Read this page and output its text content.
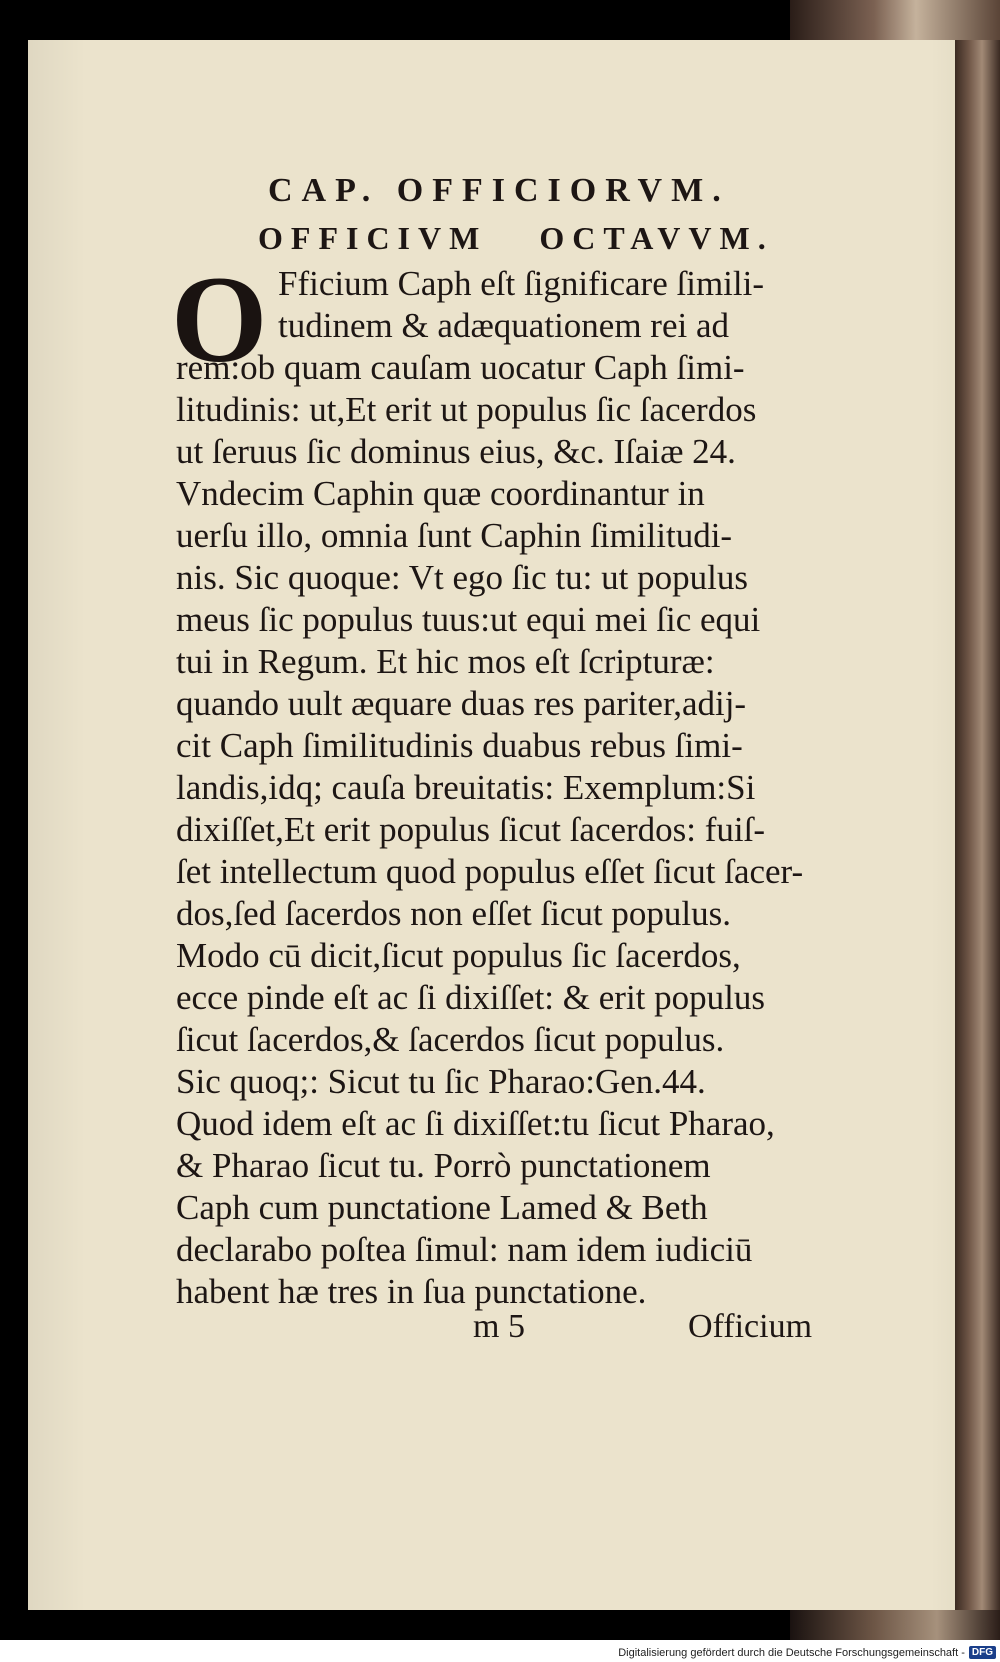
CAP. OFFICIORVM.
OFFICIVM OCTAVVM.
O Fficium Caph eſt ſignificare ſimili-
tudinem & adæquationem rei ad
rem:ob quam cauſam uocatur Caph ſimi-
litudinis: ut,Et erit ut populus ſic ſacerdos
ut ſeruus ſic dominus eius, &c. Iſaiæ 24.
Vndecim Caphin quæ coordinantur in
uerſu illo, omnia ſunt Caphin ſimilitudi-
nis. Sic quoque: Vt ego ſic tu: ut populus
meus ſic populus tuus:ut equi mei ſic equi
tui in Regum. Et hic mos eſt ſcripturæ:
quando uult æquare duas res pariter,adij-
cit Caph ſimilitudinis duabus rebus ſimi-
landis,idq; cauſa breuitatis: Exemplum:Si
dixiſſet,Et erit populus ſicut ſacerdos: fuiſ-
ſet intellectum quod populus eſſet ſicut ſacer-
dos,ſed ſacerdos non eſſet ſicut populus.
Modo cū dicit,ſicut populus ſic ſacerdos,
ecce pinde eſt ac ſi dixiſſet: & erit populus
ſicut ſacerdos,& ſacerdos ſicut populus.
Sic quoq;: Sicut tu ſic Pharao:Gen.44.
Quod idem eſt ac ſi dixiſſet:tu ſicut Pharao,
& Pharao ſicut tu. Porrò punctationem
Caph cum punctatione Lamed & Beth
declarabo poſtea ſimul: nam idem iudiciū
habent hæ tres in ſua punctatione.
m 5	Officium
Digitalisierung gefördert durch die Deutsche Forschungsgemeinschaft - DFG
